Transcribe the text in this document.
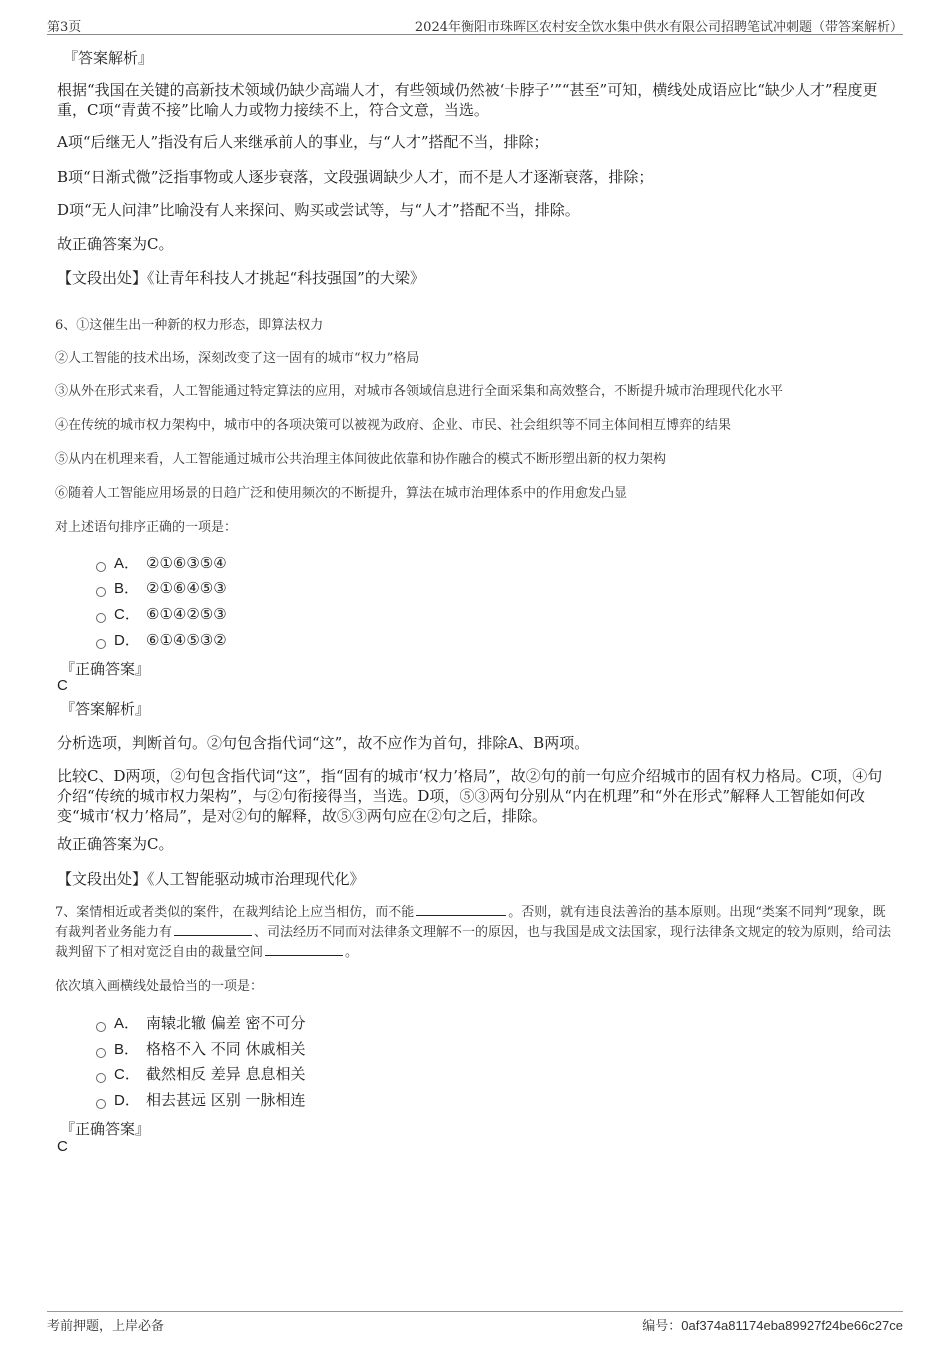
第3页	2024年衡阳市珠晖区农村安全饮水集中供水有限公司招聘笔试冲刺题（带答案解析）
『答案解析』
根据“我国在关键的高新技术领域仍缺少高端人才，有些领域仍然被‘卡脖子’”“甚至”可知，横线处成语应比“缺少人才”程度更重，C项“青黄不接”比喻人力或物力接续不上，符合文意，当选。
A项“后继无人”指没有后人来继承前人的事业，与“人才”搭配不当，排除；
B项“日渐式微”泛指事物或人逐步衰落，文段强调缺少人才，而不是人才逐渐衰落，排除；
D项“无人问津”比喻没有人来探问、购买或尝试等，与“人才”搭配不当，排除。
故正确答案为C。
【文段出处】《让青年科技人才挑起“科技强国”的大梁》
6、①这催生出一种新的权力形态，即算法权力
②人工智能的技术出场，深刻改变了这一固有的城市“权力”格局
③从外在形式来看，人工智能通过特定算法的应用，对城市各领域信息进行全面采集和高效整合，不断提升城市治理现代化水平
④在传统的城市权力架构中，城市中的各项决策可以被视为政府、企业、市民、社会组织等不同主体间相互博弈的结果
⑤从内在机理来看，人工智能通过城市公共治理主体间彼此依靠和协作融合的模式不断形塑出新的权力架构
⑥随着人工智能应用场景的日趋广泛和使用频次的不断提升，算法在城市治理体系中的作用愈发凸显
对上述语句排序正确的一项是：
A． ②①⑥③⑤④
B． ②①⑥④⑤③
C． ⑥①④②⑤③
D． ⑥①④⑤③②
『正确答案』
C
『答案解析』
分析选项，判断首句。②句包含指代词“这”，故不应作为首句，排除A、B两项。
比较C、D两项，②句包含指代词“这”，指“固有的城市‘权力’格局”，故②句的前一句应介绍城市的固有权力格局。C项，④句介绍“传统的城市权力架构”，与②句衔接得当，当选。D项，⑤③两句分别从“内在机理”和“外在形式”解释人工智能如何改变“城市‘权力’格局”，是对②句的解释，故⑤③两句应在②句之后，排除。
故正确答案为C。
【文段出处】《人工智能驱动城市治理现代化》
7、案情相近或者类似的案件，在裁判结论上应当相仿，而不能	。否则，就有违良法善治的基本原则。出现“类案不同判”现象，既有裁判者业务能力有	、司法经历不同而对法律条文理解不一的原因，也与我国是成文法国家，现行法律条文规定的较为原则，给司法裁判留下了相对宽泛自由的裁量空间	。
依次填入画横线处最恰当的一项是：
A． 南辕北辙 偏差 密不可分
B． 格格不入 不同 休戚相关
C． 截然相反 差异 息息相关
D． 相去甚远 区别 一脉相连
『正确答案』
C
考前押题，上岸必备	编号：0af374a81174eba89927f24be66c27ce
